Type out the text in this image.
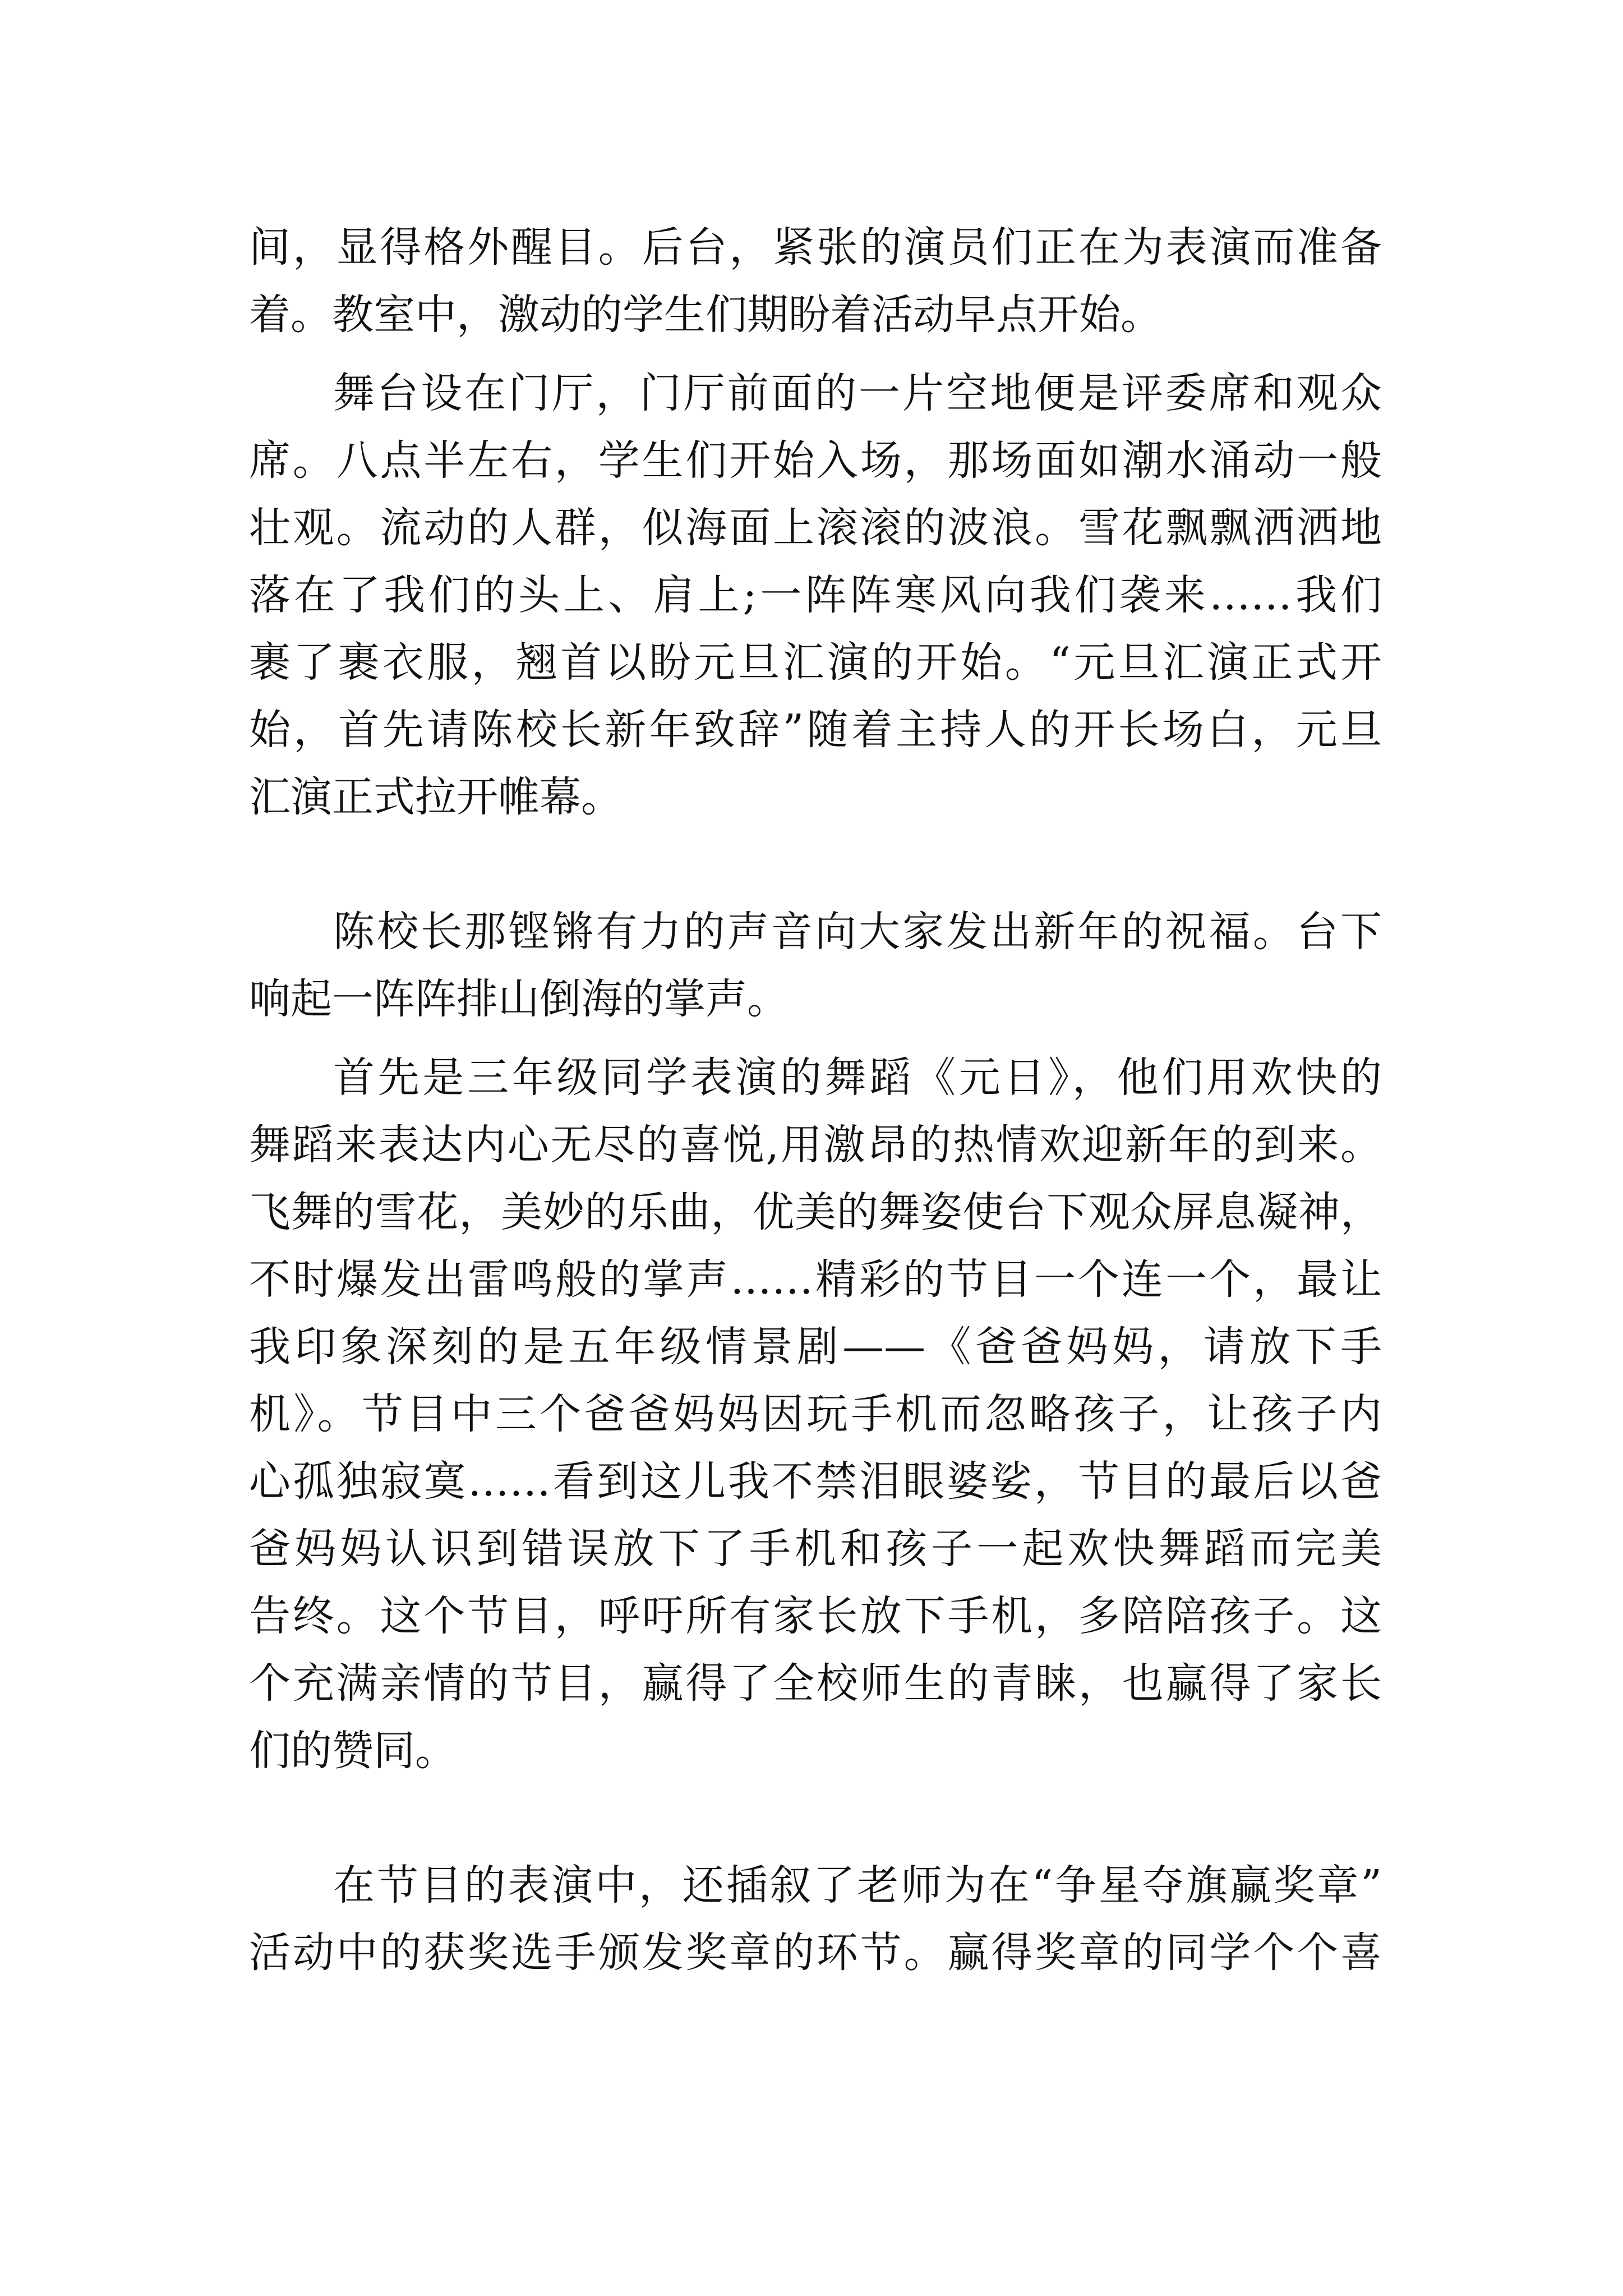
间，显得格外醒目。后台，紧张的演员们正在为表演而准备
着。教室中，激动的学生们期盼着活动早点开始。
舞台设在门厅，门厅前面的一片空地便是评委席和观众
席。八点半左右，学生们开始入场，那场面如潮水涌动一般
壮观。流动的人群，似海面上滚滚的波浪。雪花飘飘洒洒地
落在了我们的头上、肩上;一阵阵寒风向我们袭来……我们
裹了裹衣服，翘首以盼元旦汇演的开始。“元旦汇演正式开
始，首先请陈校长新年致辞”随着主持人的开长场白，元旦
汇演正式拉开帷幕。
陈校长那铿锵有力的声音向大家发出新年的祝福。台下
响起一阵阵排山倒海的掌声。
首先是三年级同学表演的舞蹈《元日》，他们用欢快的
舞蹈来表达内心无尽的喜悦,用激昂的热情欢迎新年的到来。
飞舞的雪花，美妙的乐曲，优美的舞姿使台下观众屏息凝神，
不时爆发出雷鸣般的掌声……精彩的节目一个连一个，最让
我印象深刻的是五年级情景剧——《爸爸妈妈，请放下手
机》。节目中三个爸爸妈妈因玩手机而忽略孩子，让孩子内
心孤独寂寞……看到这儿我不禁泪眼婆娑，节目的最后以爸
爸妈妈认识到错误放下了手机和孩子一起欢快舞蹈而完美
告终。这个节目，呼吁所有家长放下手机，多陪陪孩子。这
个充满亲情的节目，赢得了全校师生的青睐，也赢得了家长
们的赞同。
在节目的表演中，还插叙了老师为在“争星夺旗赢奖章”
活动中的获奖选手颁发奖章的环节。赢得奖章的同学个个喜
